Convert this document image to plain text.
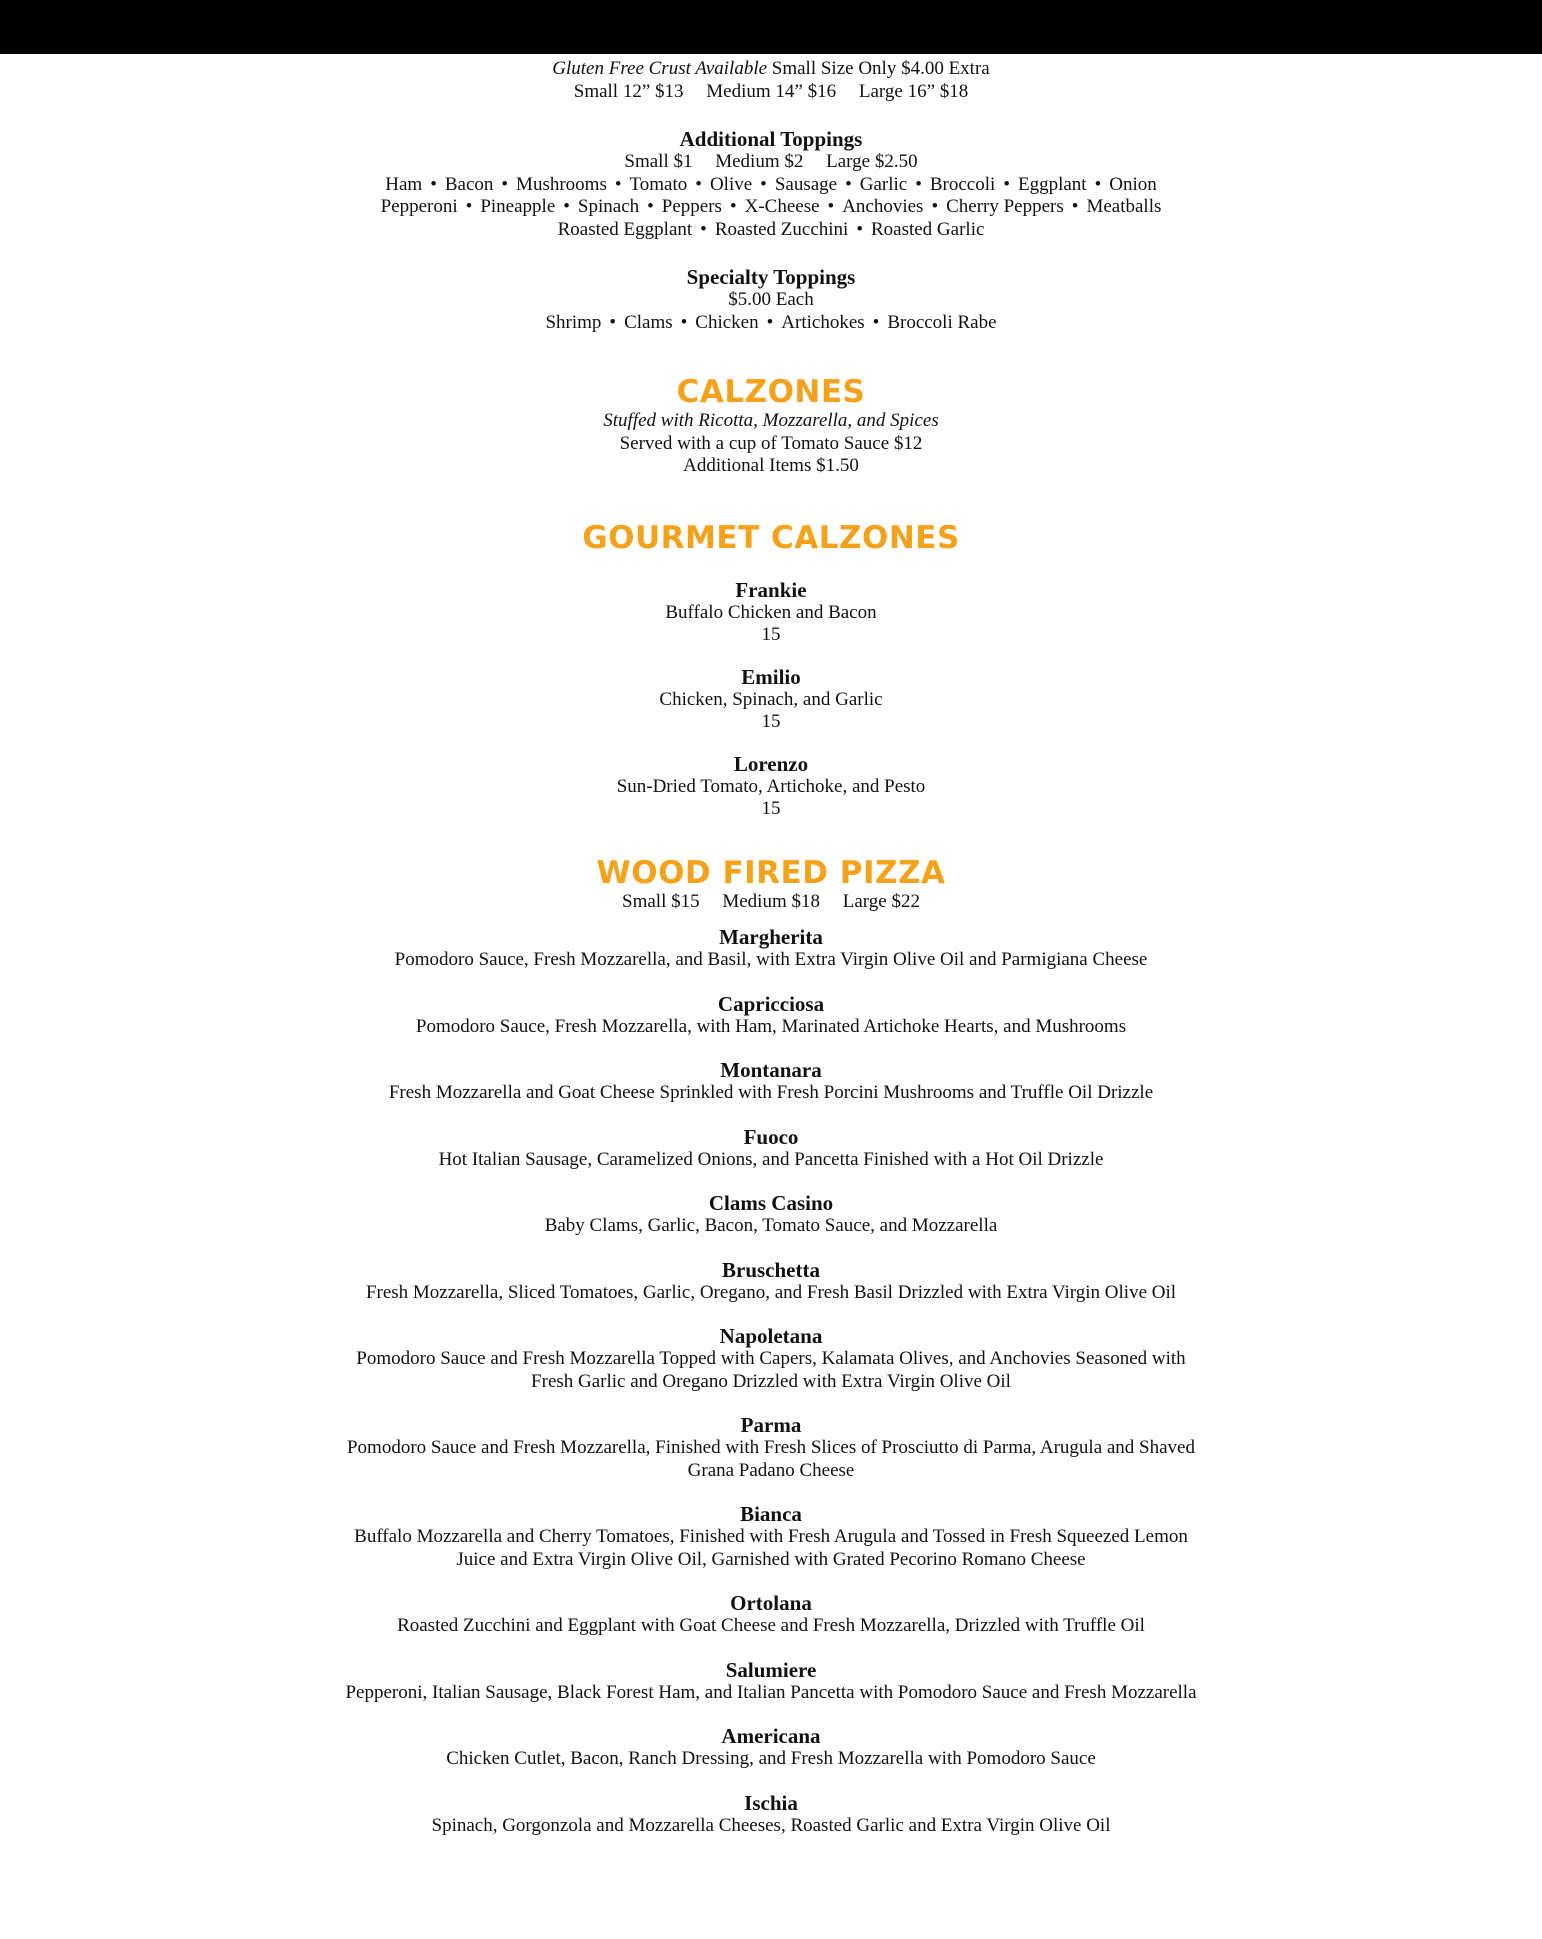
Gluten Free Crust Available Small Size Only $4.00 Extra

Small 12” $13 Medium 14” $16 Large 16” $18

Additional Toppings

Small $1 Medium $2 Large $2.50

Ham • Bacon • Mushrooms • Tomato • Olive • Sausage • Garlic • Broccoli • Eggplant • Onion

Pepperoni • Pineapple • Spinach • Peppers • X-Cheese • Anchovies • Cherry Peppers • Meatballs

Roasted Eggplant • Roasted Zucchini • Roasted Garlic

Specialty Toppings

$5.00 Each

Shrimp • Clams • Chicken • Artichokes • Broccoli Rabe

CALZONES

Stuffed with Ricotta, Mozzarella, and Spices

Served with a cup of Tomato Sauce $12

Additional Items $1.50

GOURMET CALZONES

Frankie

Buffalo Chicken and Bacon

15

Emilio

Chicken, Spinach, and Garlic

15

Lorenzo

Sun-Dried Tomato, Artichoke, and Pesto

15

WOOD FIRED PIZZA

Small $15 Medium $18 Large $22

Margherita

Pomodoro Sauce, Fresh Mozzarella, and Basil, with Extra Virgin Olive Oil and Parmigiana Cheese

Capricciosa

Pomodoro Sauce, Fresh Mozzarella, with Ham, Marinated Artichoke Hearts, and Mushrooms

Montanara

Fresh Mozzarella and Goat Cheese Sprinkled with Fresh Porcini Mushrooms and Truffle Oil Drizzle

Fuoco

Hot Italian Sausage, Caramelized Onions, and Pancetta Finished with a Hot Oil Drizzle

Clams Casino

Baby Clams, Garlic, Bacon, Tomato Sauce, and Mozzarella

Bruschetta

Fresh Mozzarella, Sliced Tomatoes, Garlic, Oregano, and Fresh Basil Drizzled with Extra Virgin Olive Oil

Napoletana

Pomodoro Sauce and Fresh Mozzarella Topped with Capers, Kalamata Olives, and Anchovies Seasoned with Fresh Garlic and Oregano Drizzled with Extra Virgin Olive Oil

Parma

Pomodoro Sauce and Fresh Mozzarella, Finished with Fresh Slices of Prosciutto di Parma, Arugula and Shaved Grana Padano Cheese

Bianca

Buffalo Mozzarella and Cherry Tomatoes, Finished with Fresh Arugula and Tossed in Fresh Squeezed Lemon Juice and Extra Virgin Olive Oil, Garnished with Grated Pecorino Romano Cheese

Ortolana

Roasted Zucchini and Eggplant with Goat Cheese and Fresh Mozzarella, Drizzled with Truffle Oil

Salumiere

Pepperoni, Italian Sausage, Black Forest Ham, and Italian Pancetta with Pomodoro Sauce and Fresh Mozzarella

Americana

Chicken Cutlet, Bacon, Ranch Dressing, and Fresh Mozzarella with Pomodoro Sauce

Ischia

Spinach, Gorgonzola and Mozzarella Cheeses, Roasted Garlic and Extra Virgin Olive Oil
